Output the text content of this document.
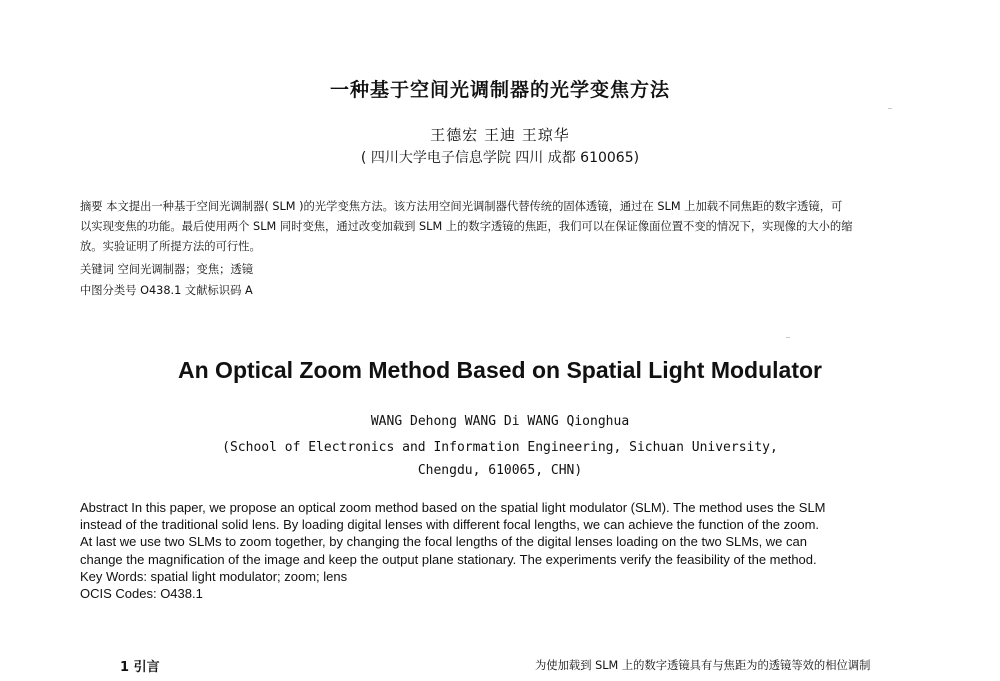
一种基于空间光调制器的光学变焦方法
王德宏 王迪 王琼华
( 四川大学电子信息学院 四川 成都 610065)
摘要 本文提出一种基于空间光调制器( SLM )的光学变焦方法。该方法用空间光调制器代替传统的固体透镜，通过在 SLM 上加载不同焦距的数字透镜，可
以实现变焦的功能。最后使用两个 SLM 同时变焦，通过改变加载到 SLM 上的数字透镜的焦距，我们可以在保证像面位置不变的情况下，实现像的大小的缩
放。实验证明了所提方法的可行性。
关键词 空间光调制器；变焦；透镜
中图分类号 O438.1 文献标识码 A
An Optical Zoom Method Based on Spatial Light Modulator
WANG Dehong WANG Di WANG Qionghua
(School of Electronics and Information Engineering, Sichuan University,
Chengdu, 610065, CHN)
Abstract In this paper, we propose an optical zoom method based on the spatial light modulator (SLM). The method uses the SLM
instead of the traditional solid lens. By loading digital lenses with different focal lengths, we can achieve the function of the zoom.
At last we use two SLMs to zoom together, by changing the focal lengths of the digital lenses loading on the two SLMs, we can
change the magnification of the image and keep the output plane stationary. The experiments verify the feasibility of the method.
Key Words: spatial light modulator; zoom; lens
OCIS Codes: O438.1
1 引言	为使加载到 SLM 上的数字透镜具有与焦距为的透镜等效的相位调制
